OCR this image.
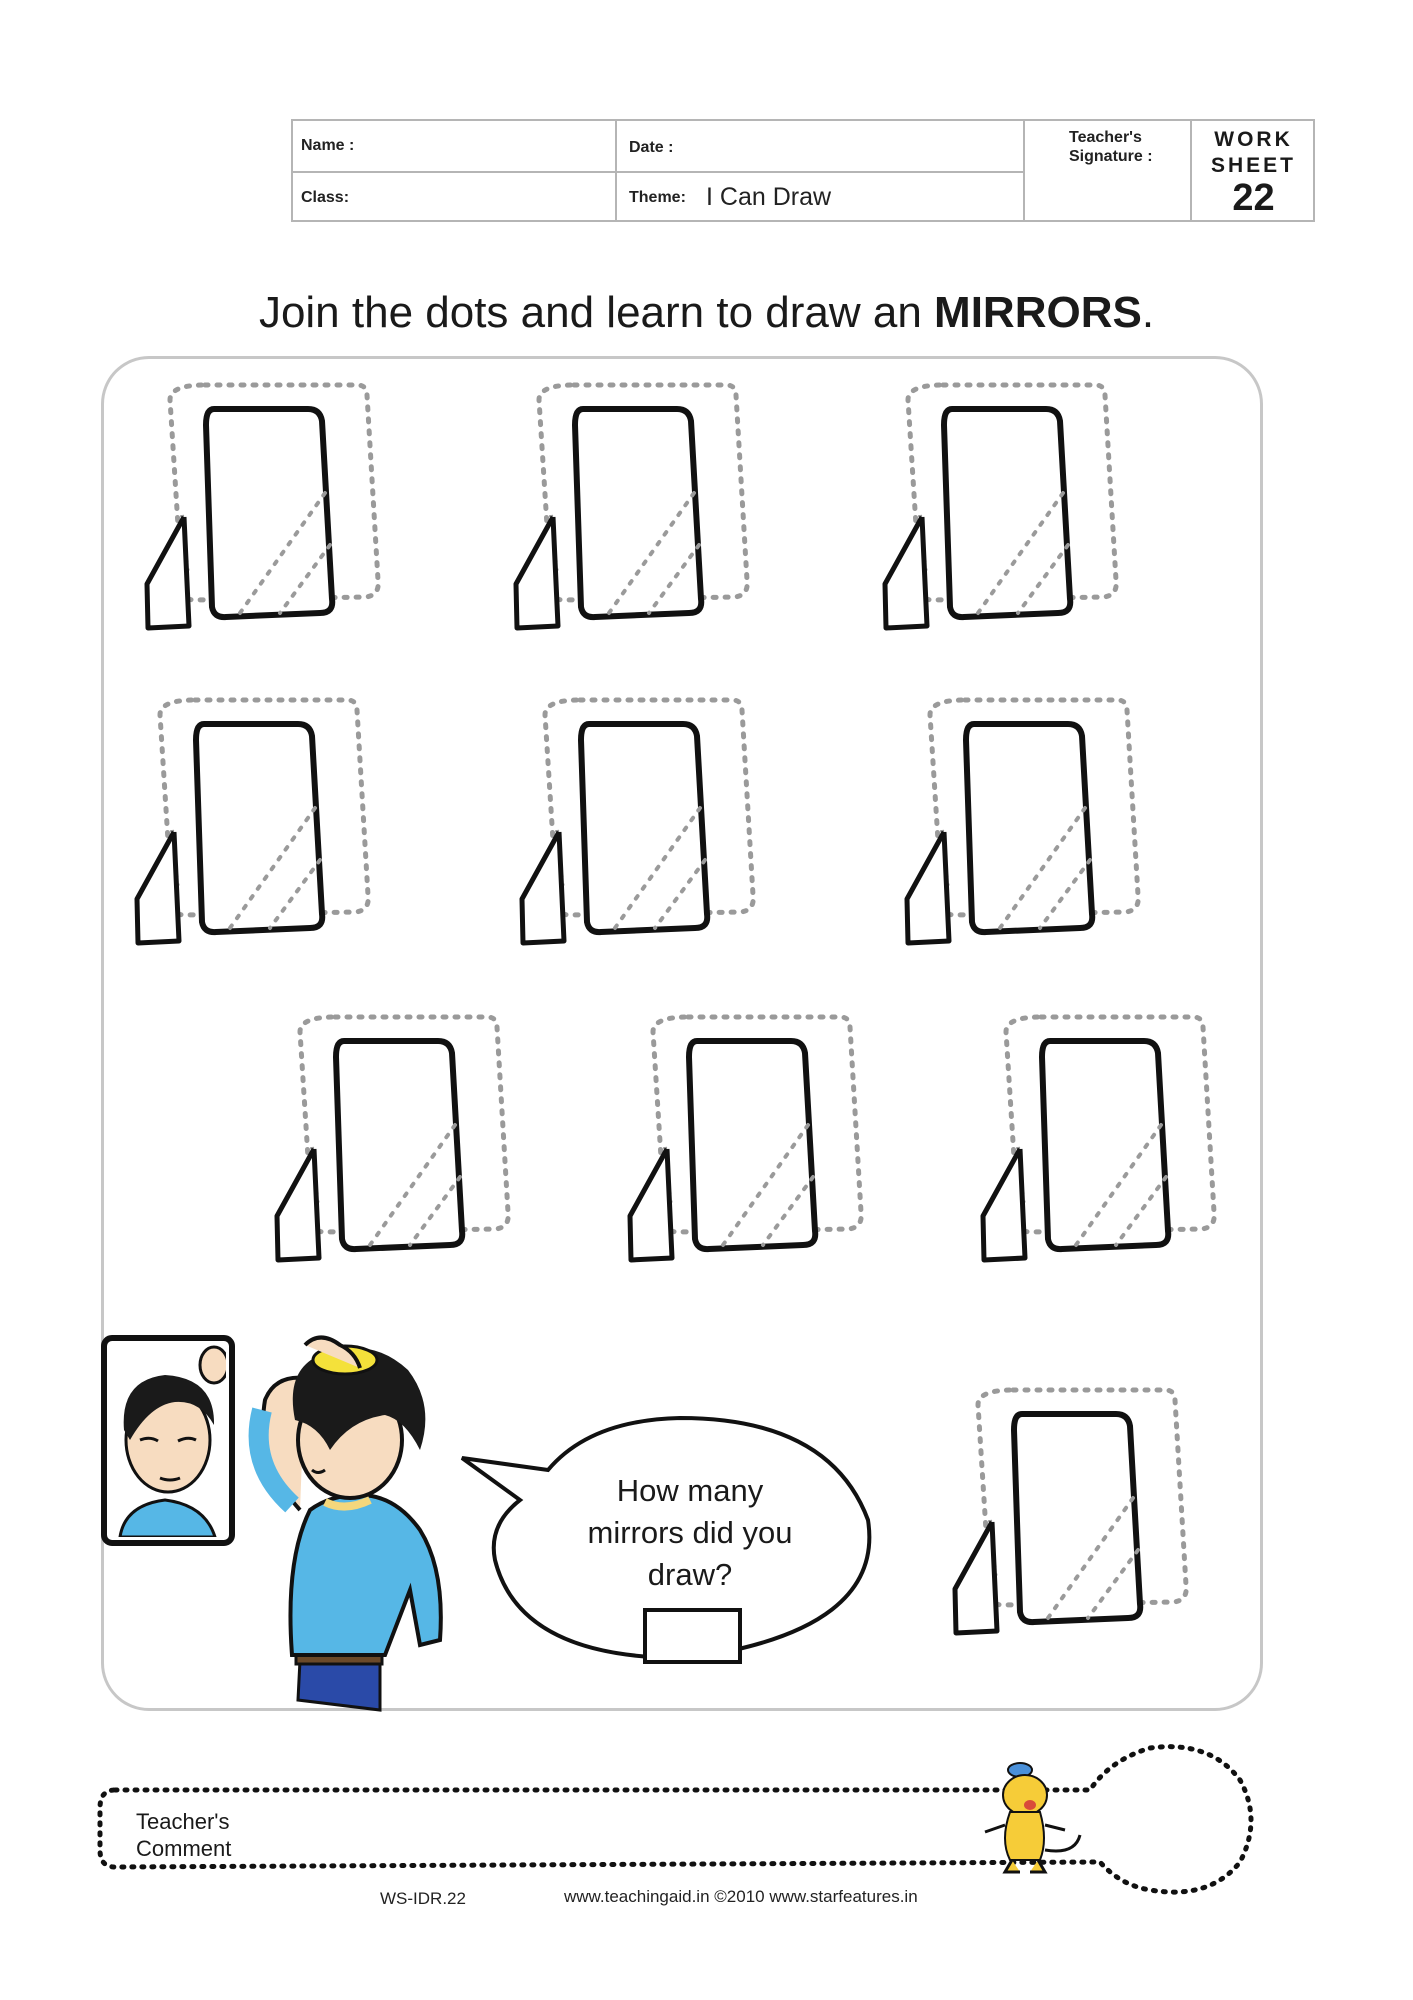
Name :	Date :
Teacher's
Signature :
Class:	Theme: I Can Draw
WORK
SHEET
22
Join the dots and learn to draw an MIRRORS.
How many
mirrors did you
draw?
Teacher's
Comment
WS-IDR.22	www.teachingaid.in ©2010 www.starfeatures.in
